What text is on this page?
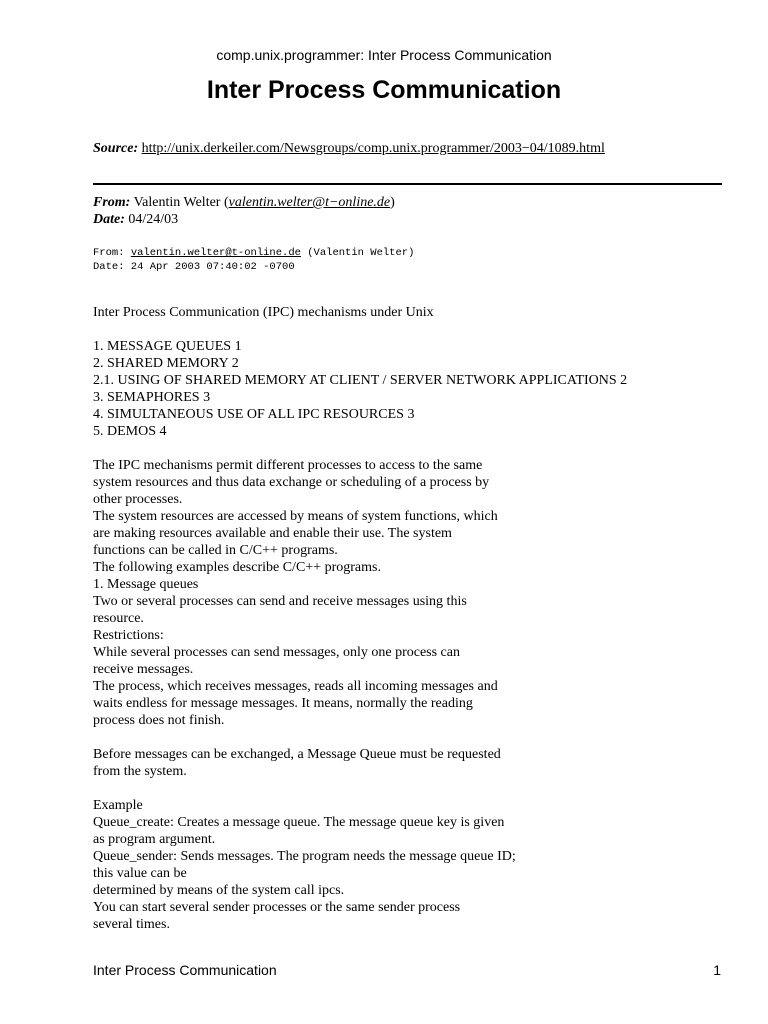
comp.unix.programmer: Inter Process Communication
Inter Process Communication
Source: http://unix.derkeiler.com/Newsgroups/comp.unix.programmer/2003−04/1089.html
From: Valentin Welter (valentin.welter@t−online.de)
Date: 04/24/03
From: valentin.welter@t-online.de (Valentin Welter)
Date: 24 Apr 2003 07:40:02 -0700
Inter Process Communication (IPC) mechanisms under Unix
1. MESSAGE QUEUES 1
2. SHARED MEMORY 2
2.1. USING OF SHARED MEMORY AT CLIENT / SERVER NETWORK APPLICATIONS 2
3. SEMAPHORES 3
4. SIMULTANEOUS USE OF ALL IPC RESOURCES 3
5. DEMOS 4
The IPC mechanisms permit different processes to access to the same
system resources and thus data exchange or scheduling of a process by
other processes.
The system resources are accessed by means of system functions, which
are making resources available and enable their use. The system
functions can be called in C/C++ programs.
The following examples describe C/C++ programs.
1. Message queues
Two or several processes can send and receive messages using this
resource.
Restrictions:
While several processes can send messages, only one process can
receive messages.
The process, which receives messages, reads all incoming messages and
waits endless for message messages. It means, normally the reading
process does not finish.
Before messages can be exchanged, a Message Queue must be requested
from the system.
Example
Queue_create: Creates a message queue. The message queue key is given
as program argument.
Queue_sender: Sends messages. The program needs the message queue ID;
this value can be
determined by means of the system call ipcs.
You can start several sender processes or the same sender process
several times.
Inter Process Communication	1
